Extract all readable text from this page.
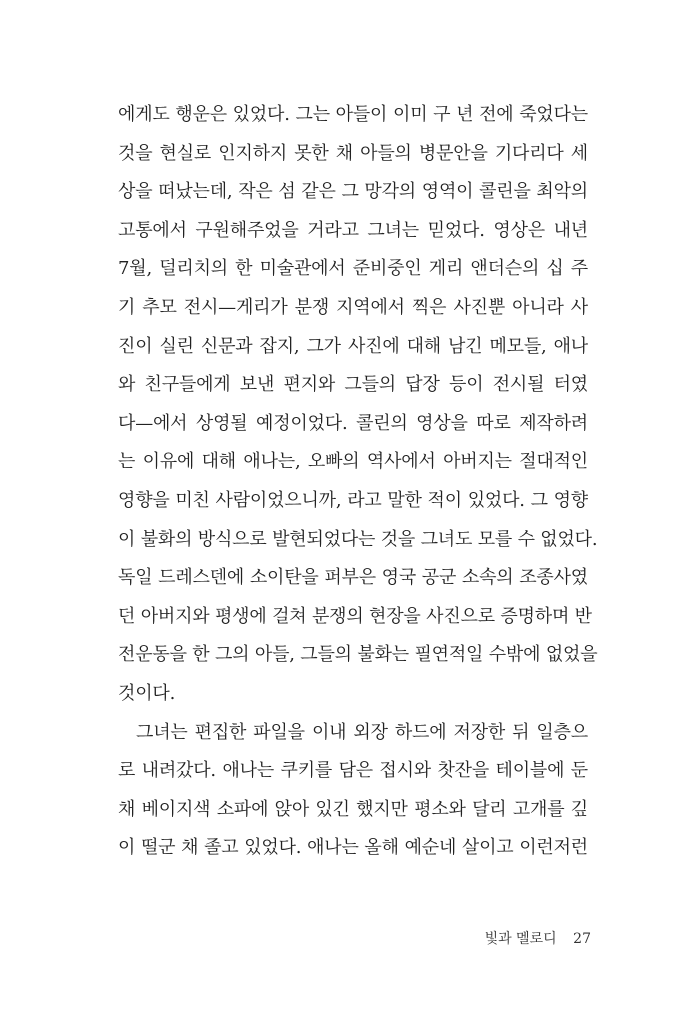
에게도 행운은 있었다. 그는 아들이 이미 구 년 전에 죽었다는
것을 현실로 인지하지 못한 채 아들의 병문안을 기다리다 세
상을 떠났는데, 작은 섬 같은 그 망각의 영역이 콜린을 최악의
고통에서 구원해주었을 거라고 그녀는 믿었다. 영상은 내년
7월, 덜리치의 한 미술관에서 준비중인 게리 앤더슨의 십 주
기 추모 전시—게리가 분쟁 지역에서 찍은 사진뿐 아니라 사
진이 실린 신문과 잡지, 그가 사진에 대해 남긴 메모들, 애나
와 친구들에게 보낸 편지와 그들의 답장 등이 전시될 터였
다—에서 상영될 예정이었다. 콜린의 영상을 따로 제작하려
는 이유에 대해 애나는, 오빠의 역사에서 아버지는 절대적인
영향을 미친 사람이었으니까, 라고 말한 적이 있었다. 그 영향
이 불화의 방식으로 발현되었다는 것을 그녀도 모를 수 없었다.
독일 드레스덴에 소이탄을 퍼부은 영국 공군 소속의 조종사였
던 아버지와 평생에 걸쳐 분쟁의 현장을 사진으로 증명하며 반
전운동을 한 그의 아들, 그들의 불화는 필연적일 수밖에 없었을
것이다.
그녀는 편집한 파일을 이내 외장 하드에 저장한 뒤 일층으
로 내려갔다. 애나는 쿠키를 담은 접시와 찻잔을 테이블에 둔
채 베이지색 소파에 앉아 있긴 했지만 평소와 달리 고개를 깊
이 떨군 채 졸고 있었다. 애나는 올해 예순네 살이고 이런저런
빛과 멜로디 27
